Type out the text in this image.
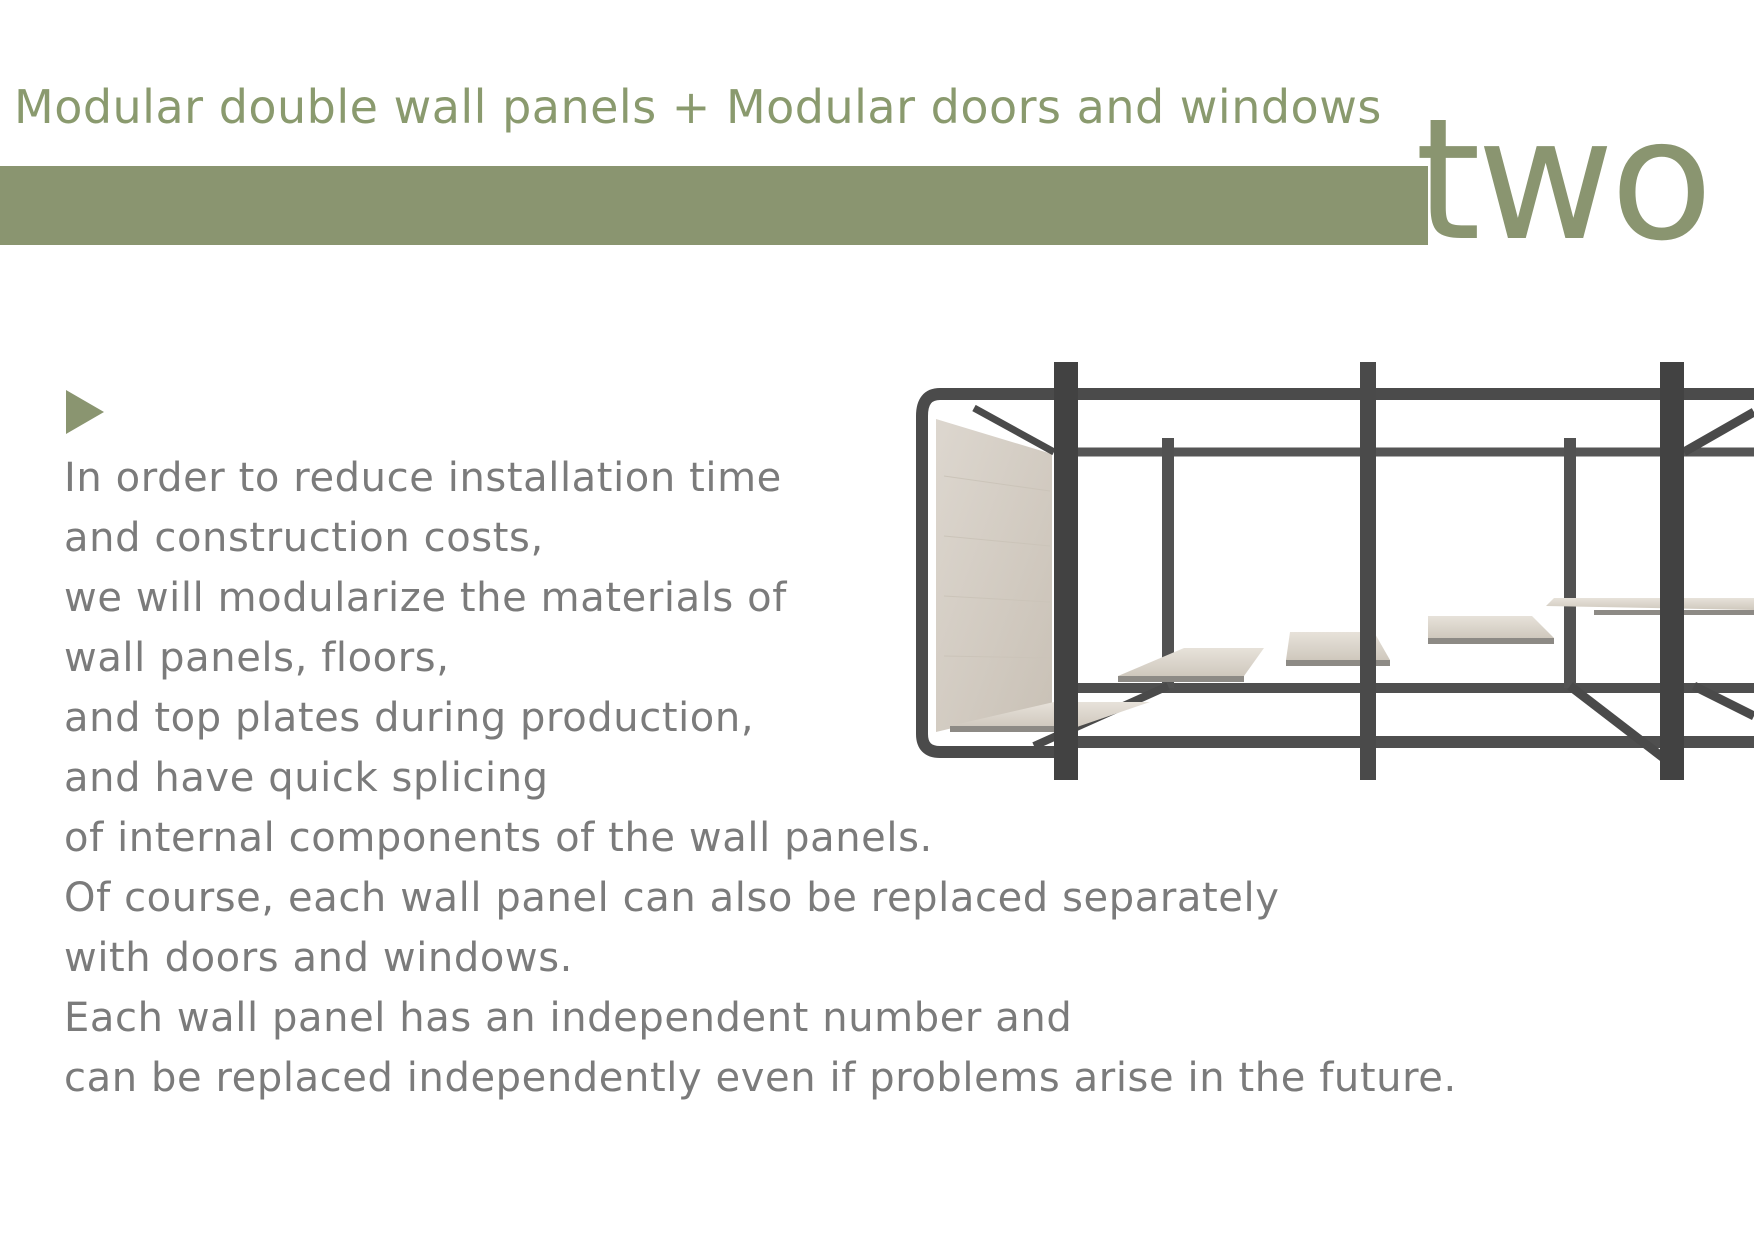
Modular double wall panels + Modular doors and windows two
In order to reduce installation time
and construction costs,
we will modularize the materials of
wall panels, floors,
and top plates during production,
and have quick splicing
of internal components of the wall panels.
Of course, each wall panel can also be replaced separately
with doors and windows.
Each wall panel has an independent number and
can be replaced independently even if problems arise in the future.
